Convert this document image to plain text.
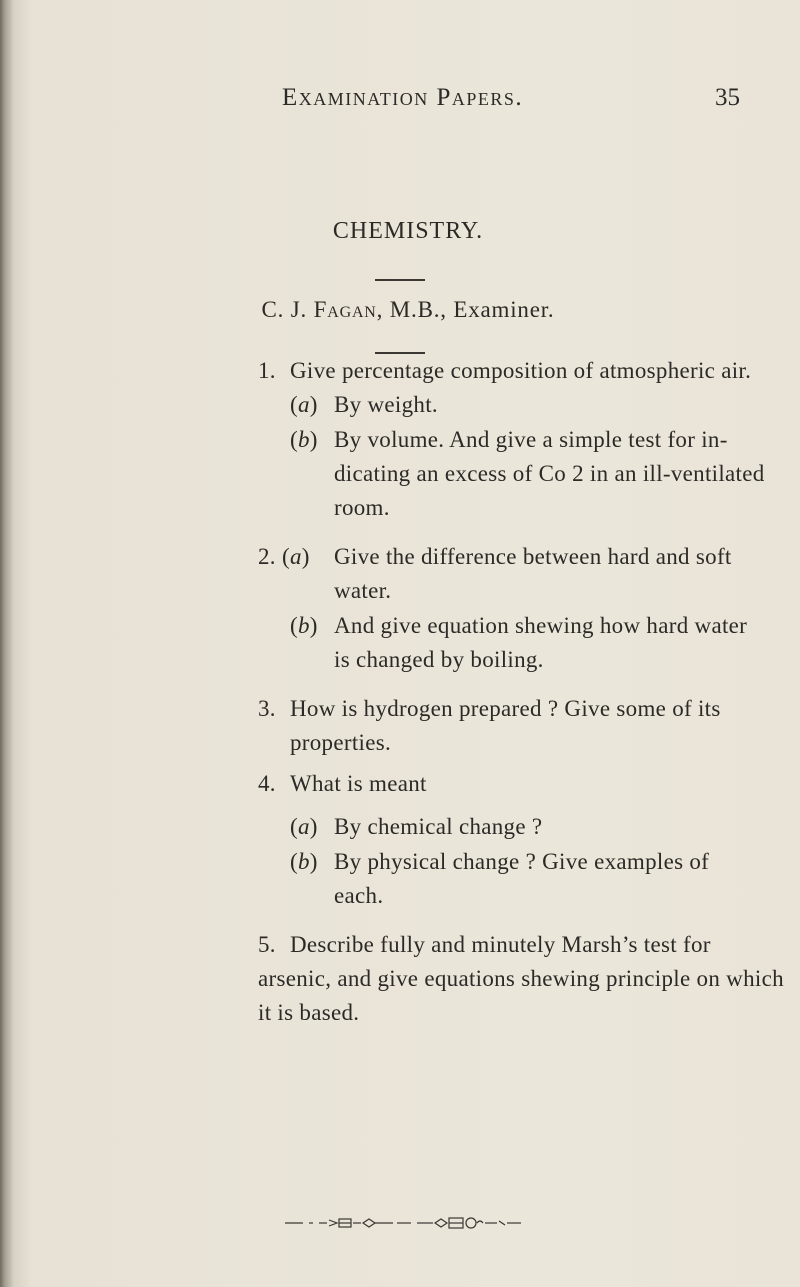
Examination Papers.	35
CHEMISTRY.
C. J. Fagan, M.B., Examiner.
1. Give percentage composition of atmospheric air.
(a) By weight.
(b) By volume. And give a simple test for in-
dicating an excess of Co 2 in an ill-ventilated
room.
2. (a) Give the difference between hard and soft
water.
(b) And give equation shewing how hard water
is changed by boiling.
3. How is hydrogen prepared ? Give some of its
properties.
4. What is meant
(a) By chemical change ?
(b) By physical change ? Give examples of
each.
5. Describe fully and minutely Marsh’s test for
arsenic, and give equations shewing principle on which
it is based.
